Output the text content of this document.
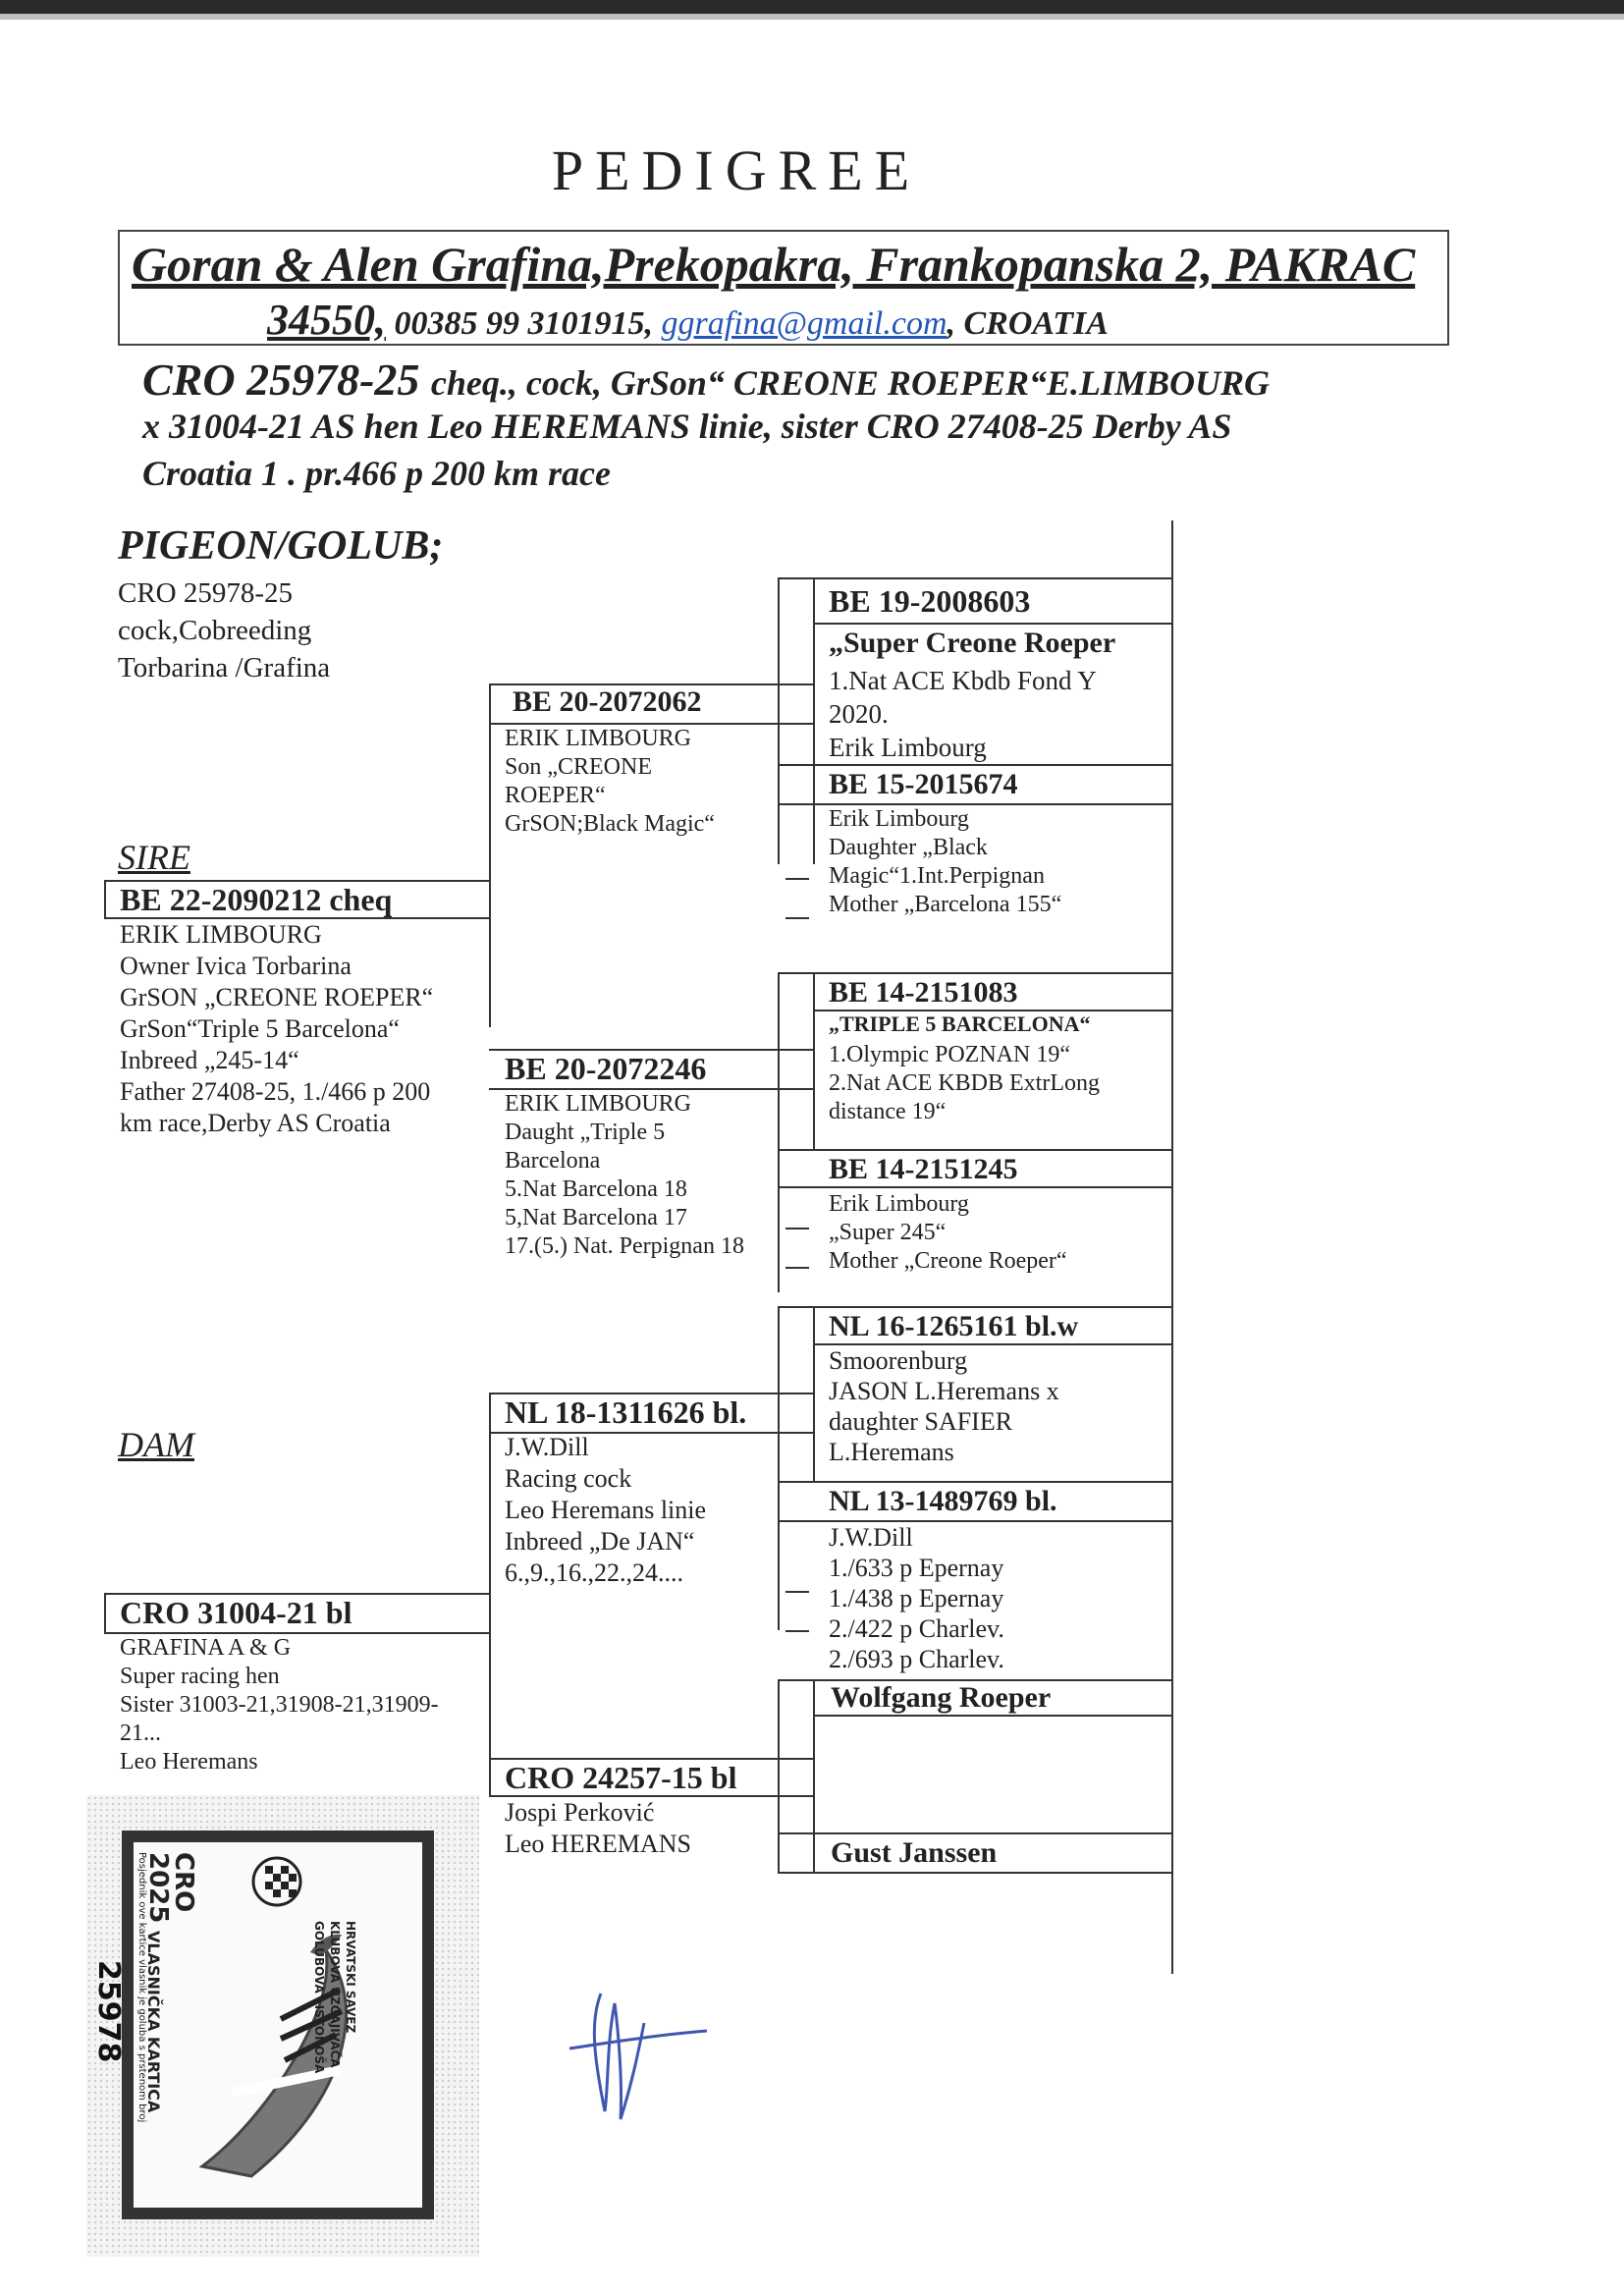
PEDIGREE
Goran & Alen Grafina,Prekopakra, Frankopanska 2, PAKRAC
34550, 00385 99 3101915, ggrafina@gmail.com, CROATIA
CRO 25978-25 cheq., cock, GrSon“ CREONE ROEPER“E.LIMBOURG
x 31004-21 AS hen Leo HEREMANS linie, sister CRO 27408-25 Derby AS
Croatia 1 . pr.466 p 200 km race
PIGEON/GOLUB;
CRO 25978-25
cock,Cobreeding
Torbarina /Grafina
SIRE
BE 22-2090212 cheq
ERIK LIMBOURG
Owner Ivica Torbarina
GrSON „CREONE ROEPER“
GrSon“Triple 5 Barcelona“
Inbreed „245-14“
Father 27408-25, 1./466 p 200
km race,Derby AS Croatia
DAM
CRO 31004-21 bl
GRAFINA A & G
Super racing hen
Sister 31003-21,31908-21,31909-
21...
Leo Heremans
BE 20-2072062
ERIK LIMBOURG
Son „CREONE
ROEPER“
GrSON;Black Magic“
BE 20-2072246
ERIK LIMBOURG
Daught „Triple 5
Barcelona
5.Nat Barcelona 18
5,Nat Barcelona 17
17.(5.) Nat. Perpignan 18
NL 18-1311626 bl.
J.W.Dill
Racing cock
Leo Heremans linie
Inbreed „De JAN“
6.,9.,16.,22.,24....
CRO 24257-15 bl
Jospi Perković
Leo HEREMANS
BE 19-2008603
„Super Creone Roeper
1.Nat ACE Kbdb Fond Y
2020.
Erik Limbourg
BE 15-2015674
Erik Limbourg
Daughter „Black
Magic“1.Int.Perpignan
Mother „Barcelona 155“
BE 14-2151083
„TRIPLE 5 BARCELONA“
1.Olympic POZNAN 19“
2.Nat ACE KBDB ExtrLong
distance 19“
BE 14-2151245
Erik Limbourg
„Super 245“
Mother „Creone Roeper“
NL 16-1265161 bl.w
Smoorenburg
JASON L.Heremans x
daughter SAFIER
L.Heremans
NL 13-1489769 bl.
J.W.Dill
1./633 p Epernay
1./438 p Epernay
2./422 p Charlev.
2./693 p Charlev.
Wolfgang Roeper
Gust Janssen
CRO
2025
HRVATSKI SAVEZ
KLUBOVA UZGAJIVAČA
GOLUBOVA LISTONOŠA
VLASNIČKA KARTICA
Posjednik ove kartice vlasnik je goluba s prstenom broj
25978
